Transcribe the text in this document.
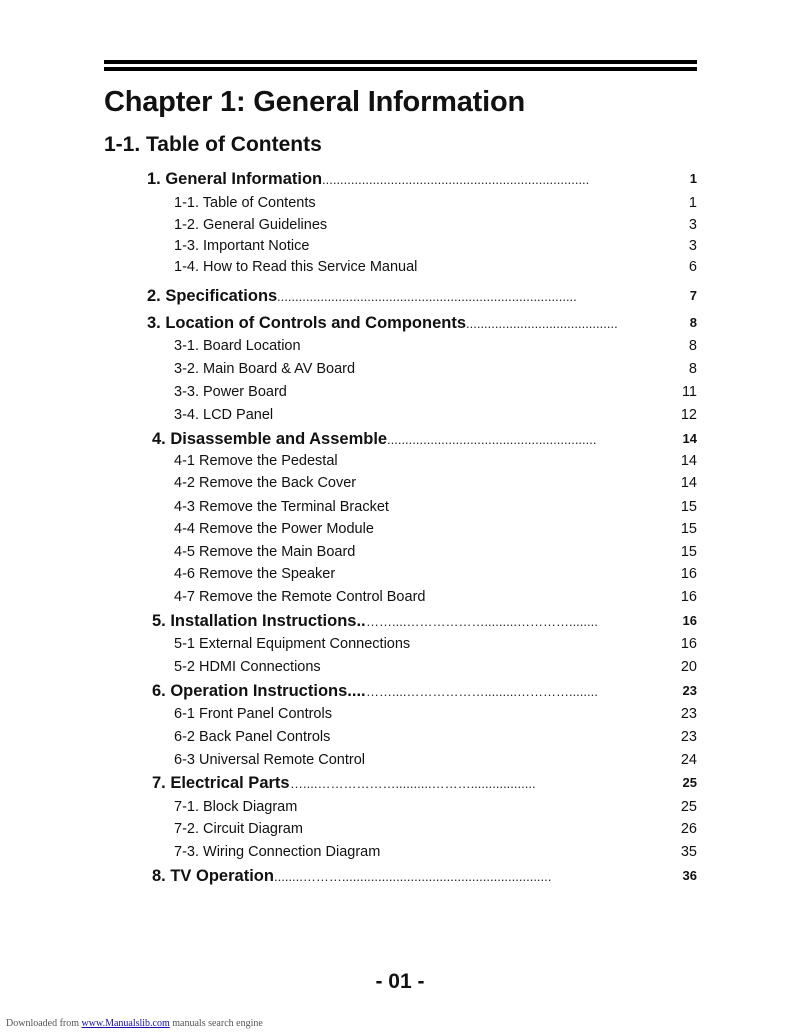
Chapter 1: General Information
1-1. Table of Contents
1. General Information ..........................................................................	1
1-1. Table of Contents	1
1-2. General Guidelines	3
1-3. Important Notice	3
1-4. How to Read this Service Manual	6
2. Specifications ...................................................................................	7
3. Location of Controls and Components ..........................................	8
3-1. Board Location	8
3-2. Main Board & AV Board	8
3-3. Power Board	11
3-4. LCD Panel	12
4. Disassemble and Assemble ..........................................................	14
4-1 Remove the Pedestal	14
4-2 Remove the Back Cover	14
4-3 Remove the Terminal Bracket	15
4-4 Remove the Power Module	15
4-5 Remove the Main Board	15
4-6 Remove the Speaker	16
4-7 Remove the Remote Control Board	16
5. Installation Instructions.. ……....……………….........…………........	16
5-1 External Equipment Connections	16
5-2 HDMI Connections	20
6. Operation Instructions.... ……....……………….........…………........	23
6-1 Front Panel Controls	23
6-2 Back Panel Controls	23
6-3 Universal Remote Control	24
7. Electrical Parts …....………………..........………..................	25
7-1. Block Diagram	25
7-2. Circuit Diagram	26
7-3. Wiring Connection Diagram	35
8. TV Operation ........………..........................................................	36
- 01 -
Downloaded from www.Manualslib.com manuals search engine
